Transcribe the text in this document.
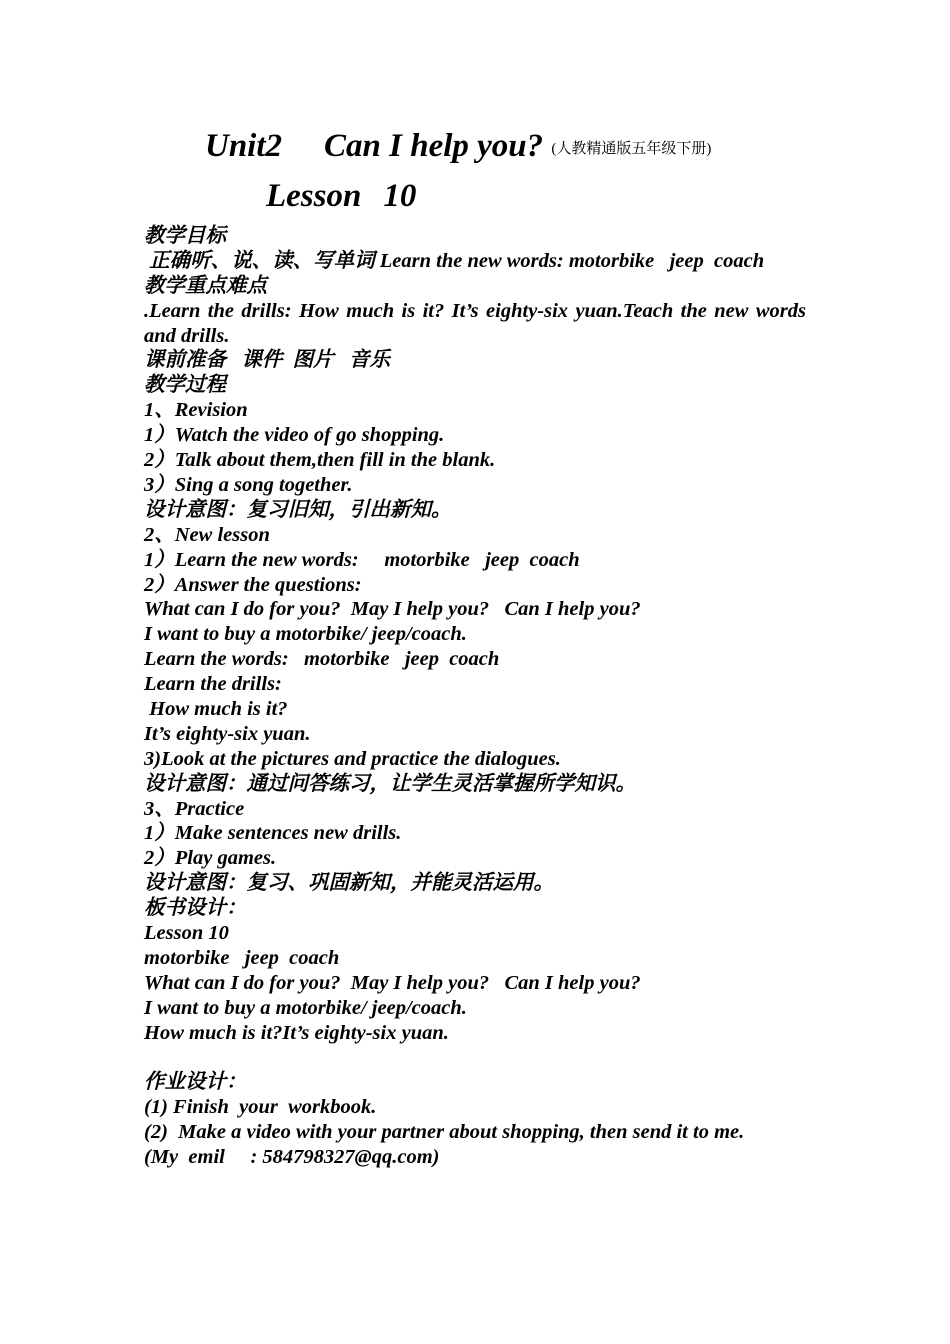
Unit2 Can I help you? (人教精通版五年级下册)
Lesson 10
教学目标
正确听、说、读、写单词 Learn the new words: motorbike   jeep  coach
教学重点难点
.Learn the drills: How much is it? It’s eighty-six yuan.Teach the new words and drills.
课前准备   课件  图片   音乐
教学过程
1、Revision
1）Watch the video of go shopping.
2）Talk about them,then fill in the blank.
3）Sing a song together.
设计意图：复习旧知，引出新知。
2、New lesson
1）Learn the new words:     motorbike   jeep  coach
2）Answer the questions:
What can I do for you?  May I help you?   Can I help you?
I want to buy a motorbike/ jeep/coach.
Learn the words:   motorbike   jeep  coach
Learn the drills:
How much is it?
It’s eighty-six yuan.
3)Look at the pictures and practice the dialogues.
设计意图：通过问答练习，让学生灵活掌握所学知识。
3、Practice
1）Make sentences new drills.
2）Play games.
设计意图：复习、巩固新知，并能灵活运用。
板书设计：
Lesson 10
motorbike   jeep  coach
What can I do for you?  May I help you?   Can I help you?
I want to buy a motorbike/ jeep/coach.
How much is it?It’s eighty-six yuan.
作业设计：
(1) Finish  your  workbook.
(2)  Make a video with your partner about shopping, then send it to me.
(My  emil     : 584798327@qq.com)
